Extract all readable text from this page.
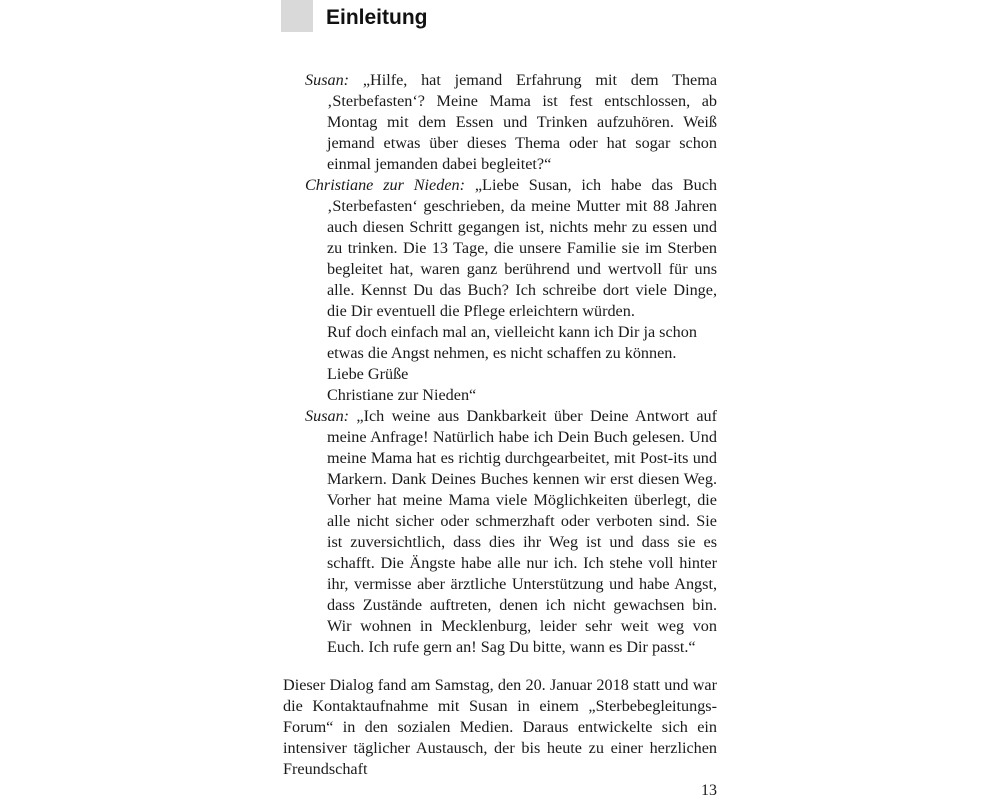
Einleitung

Susan: „Hilfe, hat jemand Erfahrung mit dem Thema ‚Sterbefasten‘? Meine Mama ist fest entschlossen, ab Montag mit dem Essen und Trinken aufzuhören. Weiß jemand etwas über dieses Thema oder hat sogar schon einmal jemanden dabei begleitet?“

Christiane zur Nieden: „Liebe Susan, ich habe das Buch ‚Sterbefasten‘ geschrieben, da meine Mutter mit 88 Jahren auch diesen Schritt gegangen ist, nichts mehr zu essen und zu trinken. Die 13 Tage, die unsere Familie sie im Sterben begleitet hat, waren ganz berührend und wertvoll für uns alle. Kennst Du das Buch? Ich schreibe dort viele Dinge, die Dir eventuell die Pflege erleichtern würden.

Ruf doch einfach mal an, vielleicht kann ich Dir ja schon etwas die Angst nehmen, es nicht schaffen zu können.

Liebe Grüße

Christiane zur Nieden“

Susan: „Ich weine aus Dankbarkeit über Deine Antwort auf meine Anfrage! Natürlich habe ich Dein Buch gelesen. Und meine Mama hat es richtig durchgearbeitet, mit Post-its und Markern. Dank Deines Buches kennen wir erst diesen Weg. Vorher hat meine Mama viele Möglichkeiten überlegt, die alle nicht sicher oder schmerzhaft oder verboten sind. Sie ist zuversichtlich, dass dies ihr Weg ist und dass sie es schafft. Die Ängste habe alle nur ich. Ich stehe voll hinter ihr, vermisse aber ärztliche Unterstützung und habe Angst, dass Zustände auftreten, denen ich nicht gewachsen bin. Wir wohnen in Mecklenburg, leider sehr weit weg von Euch. Ich rufe gern an! Sag Du bitte, wann es Dir passt.“

Dieser Dialog fand am Samstag, den 20. Januar 2018 statt und war die Kontaktaufnahme mit Susan in einem „Sterbebegleitungs-Forum“ in den sozialen Medien. Daraus entwickelte sich ein intensiver täglicher Austausch, der bis heute zu einer herzlichen Freundschaft

13
